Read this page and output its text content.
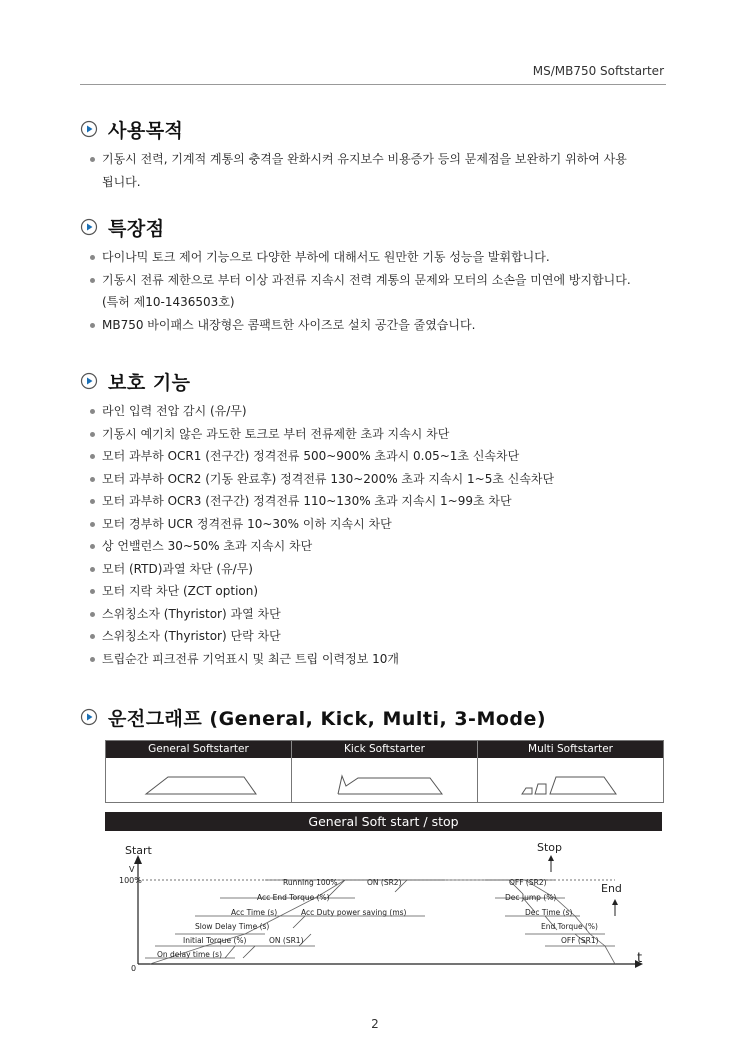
MS/MB750 Softstarter
사용목적
기동시 전력, 기계적 계통의 충격을 완화시켜 유지보수 비용증가 등의 문제점을 보완하기 위하여 사용
됩니다.
특장점
다이나믹 토크 제어 기능으로 다양한 부하에 대해서도 원만한 기동 성능을 발휘합니다.
기동시 전류 제한으로 부터 이상 과전류 지속시 전력 계통의 문제와 모터의 소손을 미연에 방지합니다.
(특허 제10-1436503호)
MB750 바이패스 내장형은 콤팩트한 사이즈로 설치 공간을 줄였습니다.
보호 기능
라인 입력 전압 감시 (유/무)
기동시 예기치 않은 과도한 토크로 부터 전류제한 초과 지속시 차단
모터 과부하 OCR1 (전구간) 정격전류 500~900% 초과시 0.05~1초 신속차단
모터 과부하 OCR2 (기동 완료후) 정격전류 130~200% 초과 지속시 1~5초 신속차단
모터 과부하 OCR3 (전구간) 정격전류 110~130% 초과 지속시 1~99초 차단
모터 경부하 UCR 정격전류 10~30% 이하 지속시 차단
상 언밸런스 30~50% 초과 지속시 차단
모터 (RTD)과열 차단 (유/무)
모터 지락 차단 (ZCT option)
스위칭소자 (Thyristor) 과열 차단
스위칭소자 (Thyristor) 단락 차단
트립순간 피크전류 기억표시 및 최근 트립 이력정보 10개
운전그래프 (General, Kick, Multi, 3-Mode)
General Softstarter	Kick Softstarter	Multi Softstarter
General Soft start / stop
Start	Stop
End
V
100%
0
t
Running 100%	ON (SR2)
Acc End Torque (%)
Acc Time (s)	Acc Duty power saving (ms)
Slow Delay Time (s)
Initial Torque (%)	ON (SR1)
On delay time (s)
OFF (SR2)
Dec Jump (%)
Dec Time (s)
End Torque (%)
OFF (SR1)
2
